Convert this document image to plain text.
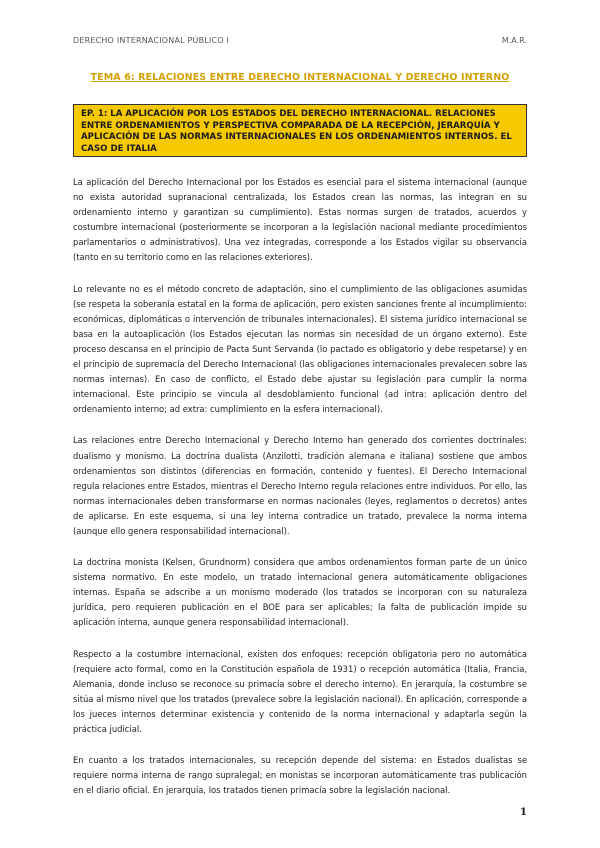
DERECHO INTERNACIONAL PÚBLICO I	M.A.R.
TEMA 6: RELACIONES ENTRE DERECHO INTERNACIONAL Y DERECHO INTERNO
EP. 1: LA APLICACIÓN POR LOS ESTADOS DEL DERECHO INTERNACIONAL. RELACIONES ENTRE ORDENAMIENTOS Y PERSPECTIVA COMPARADA DE LA RECEPCIÓN, JERARQUÍA Y APLICACIÓN DE LAS NORMAS INTERNACIONALES EN LOS ORDENAMIENTOS INTERNOS. EL CASO DE ITALIA

La aplicación del Derecho Internacional por los Estados es esencial para el sistema internacional (aunque no exista autoridad supranacional centralizada, los Estados crean las normas, las integran en su ordenamiento interno y garantizan su cumplimiento). Estas normas surgen de tratados, acuerdos y costumbre internacional (posteriormente se incorporan a la legislación nacional mediante procedimientos parlamentarios o administrativos). Una vez integradas, corresponde a los Estados vigilar su observancia (tanto en su territorio como en las relaciones exteriores).

Lo relevante no es el método concreto de adaptación, sino el cumplimiento de las obligaciones asumidas (se respeta la soberanía estatal en la forma de aplicación, pero existen sanciones frente al incumplimiento: económicas, diplomáticas o intervención de tribunales internacionales). El sistema jurídico internacional se basa en la autoaplicación (los Estados ejecutan las normas sin necesidad de un órgano externo). Este proceso descansa en el principio de Pacta Sunt Servanda (lo pactado es obligatorio y debe respetarse) y en el principio de supremacía del Derecho Internacional (las obligaciones internacionales prevalecen sobre las normas internas). En caso de conflicto, el Estado debe ajustar su legislación para cumplir la norma internacional. Este principio se vincula al desdoblamiento funcional (ad intra: aplicación dentro del ordenamiento interno; ad extra: cumplimiento en la esfera internacional).

Las relaciones entre Derecho Internacional y Derecho Interno han generado dos corrientes doctrinales: dualismo y monismo. La doctrina dualista (Anzilotti, tradición alemana e italiana) sostiene que ambos ordenamientos son distintos (diferencias en formación, contenido y fuentes). El Derecho Internacional regula relaciones entre Estados, mientras el Derecho Interno regula relaciones entre individuos. Por ello, las normas internacionales deben transformarse en normas nacionales (leyes, reglamentos o decretos) antes de aplicarse. En este esquema, si una ley interna contradice un tratado, prevalece la norma interna (aunque ello genera responsabilidad internacional).

La doctrina monista (Kelsen, Grundnorm) considera que ambos ordenamientos forman parte de un único sistema normativo. En este modelo, un tratado internacional genera automáticamente obligaciones internas. España se adscribe a un monismo moderado (los tratados se incorporan con su naturaleza jurídica, pero requieren publicación en el BOE para ser aplicables; la falta de publicación impide su aplicación interna, aunque genera responsabilidad internacional).

Respecto a la costumbre internacional, existen dos enfoques: recepción obligatoria pero no automática (requiere acto formal, como en la Constitución española de 1931) o recepción automática (Italia, Francia, Alemania, donde incluso se reconoce su primacía sobre el derecho interno). En jerarquía, la costumbre se sitúa al mismo nivel que los tratados (prevalece sobre la legislación nacional). En aplicación, corresponde a los jueces internos determinar existencia y contenido de la norma internacional y adaptarla según la práctica judicial.

En cuanto a los tratados internacionales, su recepción depende del sistema: en Estados dualistas se requiere norma interna de rango supralegal; en monistas se incorporan automáticamente tras publicación en el diario oficial. En jerarquía, los tratados tienen primacía sobre la legislación nacional.

1
